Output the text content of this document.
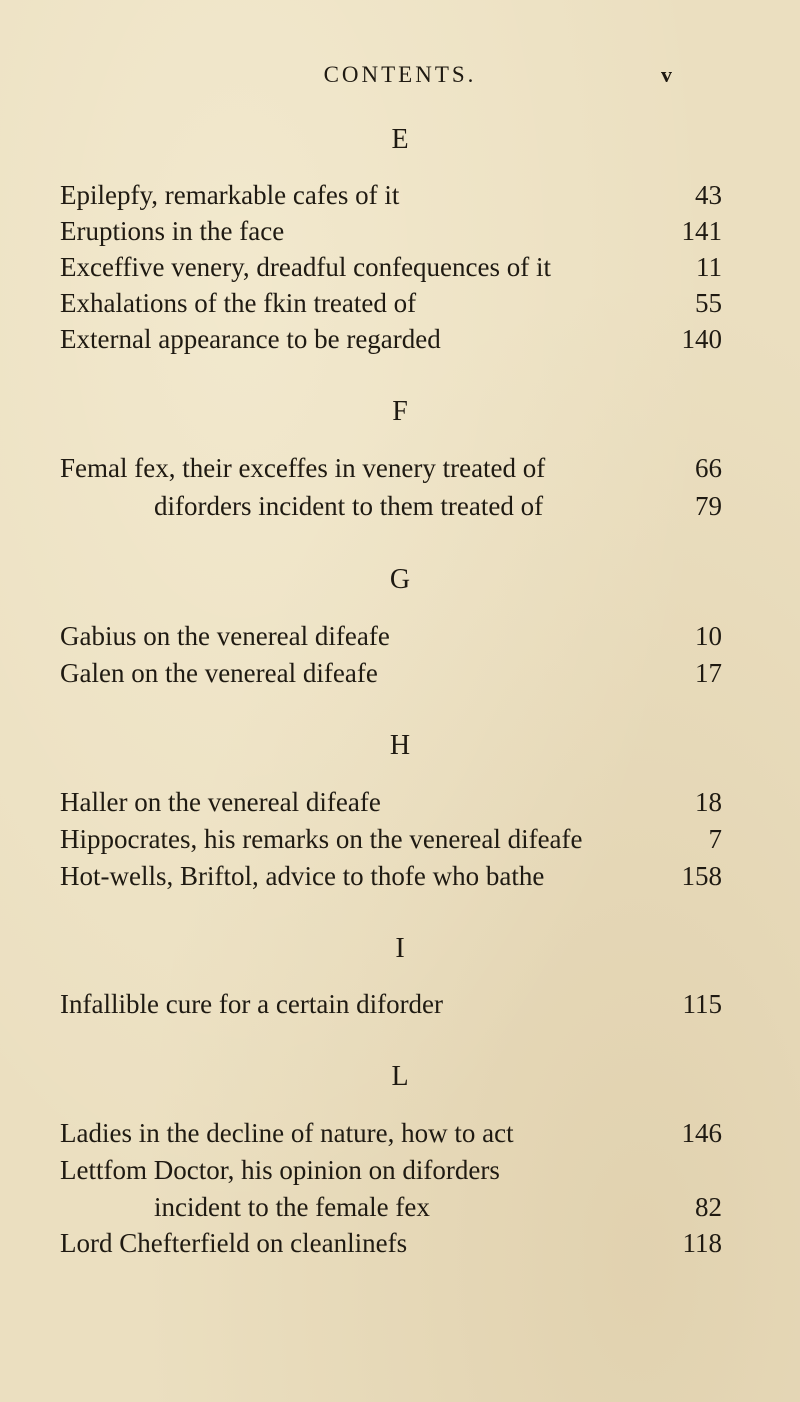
CONTENTS.	v
E
Epilepfy, remarkable cafes of it	43
Eruptions in the face	141
Exceffive venery, dreadful confequences of it	11
Exhalations of the fkin treated of	55
External appearance to be regarded	140
F
Femal fex, their exceffes in venery treated of	66
diforders incident to them treated of	79
G
Gabius on the venereal difeafe	10
Galen on the venereal difeafe	17
H
Haller on the venereal difeafe	18
Hippocrates, his remarks on the venereal difeafe	7
Hot-wells, Briftol, advice to thofe who bathe	158
I
Infallible cure for a certain diforder	115
L
Ladies in the decline of nature, how to act	146
Lettfom Doctor, his opinion on diforders
incident to the female fex	82
Lord Chefterfield on cleanlinefs	118
